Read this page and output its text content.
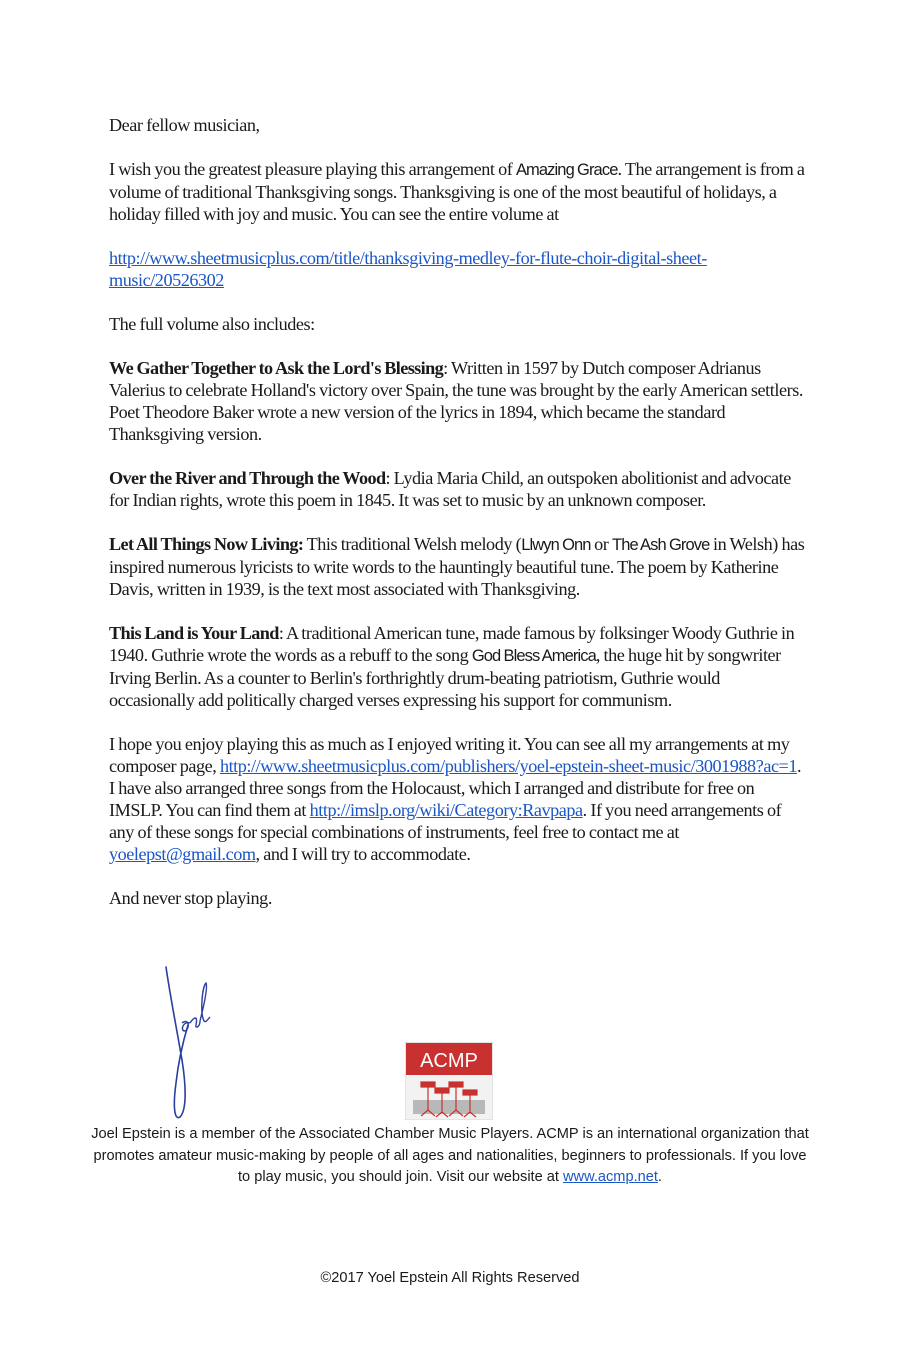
Dear fellow musician,

I wish you the greatest pleasure playing this arrangement of Amazing Grace. The arrangement is from a volume of traditional Thanksgiving songs. Thanksgiving is one of the most beautiful of holidays, a holiday filled with joy and music. You can see the entire volume at

http://www.sheetmusicplus.com/title/thanksgiving-medley-for-flute-choir-digital-sheet-music/20526302

The full volume also includes:

We Gather Together to Ask the Lord's Blessing: Written in 1597 by Dutch composer Adrianus Valerius to celebrate Holland's victory over Spain, the tune was brought by the early American settlers. Poet Theodore Baker wrote a new version of the lyrics in 1894, which became the standard Thanksgiving version.

Over the River and Through the Wood: Lydia Maria Child, an outspoken abolitionist and advocate for Indian rights, wrote this poem in 1845. It was set to music by an unknown composer.

Let All Things Now Living: This traditional Welsh melody (Llwyn Onn or The Ash Grove in Welsh) has inspired numerous lyricists to write words to the hauntingly beautiful tune. The poem by Katherine Davis, written in 1939, is the text most associated with Thanksgiving.

This Land is Your Land: A traditional American tune, made famous by folksinger Woody Guthrie in 1940. Guthrie wrote the words as a rebuff to the song God Bless America, the huge hit by songwriter Irving Berlin. As a counter to Berlin's forthrightly drum-beating patriotism, Guthrie would occasionally add politically charged verses expressing his support for communism.

I hope you enjoy playing this as much as I enjoyed writing it. You can see all my arrangements at my composer page, http://www.sheetmusicplus.com/publishers/yoel-epstein-sheet-music/3001988?ac=1. I have also arranged three songs from the Holocaust, which I arranged and distribute for free on IMSLP. You can find them at http://imslp.org/wiki/Category:Ravpapa. If you need arrangements of any of these songs for special combinations of instruments, feel free to contact me at yoelepst@gmail.com, and I will try to accommodate.

And never stop playing.

ACMP
Joel Epstein is a member of the Associated Chamber Music Players. ACMP is an international organization that promotes amateur music-making by people of all ages and nationalities, beginners to professionals. If you love to play music, you should join. Visit our website at www.acmp.net.
©2017 Yoel Epstein All Rights Reserved
